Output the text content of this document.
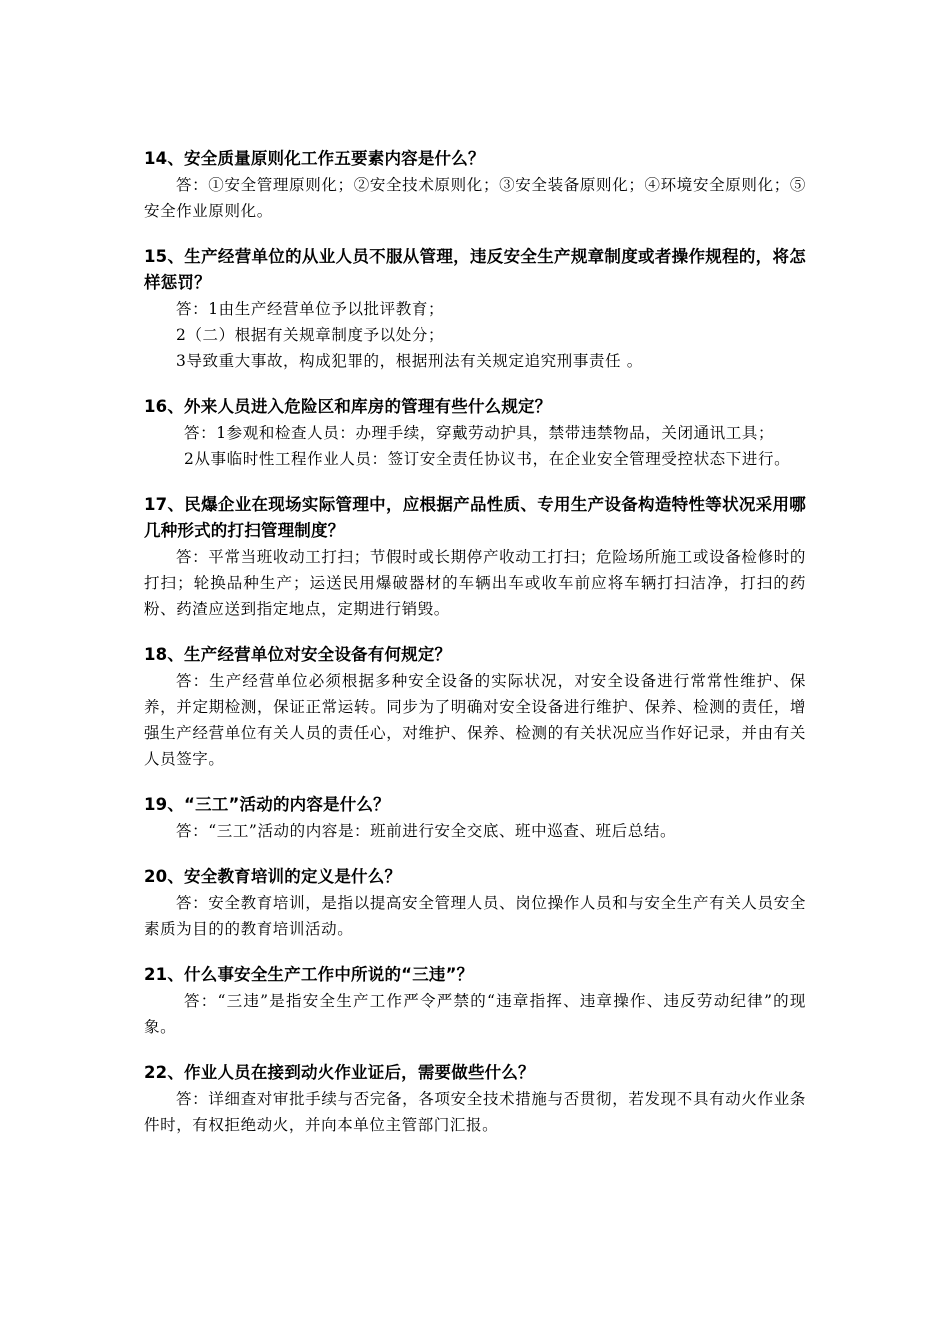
14、安全质量原则化工作五要素内容是什么？
答：①安全管理原则化；②安全技术原则化；③安全装备原则化；④环境安全原则化；⑤安全作业原则化。
15、生产经营单位的从业人员不服从管理，违反安全生产规章制度或者操作规程的，将怎样惩罚？
答：1由生产经营单位予以批评教育；
2（二）根据有关规章制度予以处分；
3导致重大事故，构成犯罪的，根据刑法有关规定追究刑事责任 。
16、外来人员进入危险区和库房的管理有些什么规定？
答：1参观和检查人员：办理手续，穿戴劳动护具，禁带违禁物品，关闭通讯工具；
2从事临时性工程作业人员：签订安全责任协议书，在企业安全管理受控状态下进行。
17、民爆企业在现场实际管理中，应根据产品性质、专用生产设备构造特性等状况采用哪几种形式的打扫管理制度？
答：平常当班收动工打扫；节假时或长期停产收动工打扫；危险场所施工或设备检修时的打扫；轮换品种生产；运送民用爆破器材的车辆出车或收车前应将车辆打扫洁净，打扫的药粉、药渣应送到指定地点，定期进行销毁。
18、生产经营单位对安全设备有何规定？
答：生产经营单位必须根据多种安全设备的实际状况，对安全设备进行常常性维护、保养，并定期检测，保证正常运转。同步为了明确对安全设备进行维护、保养、检测的责任，增强生产经营单位有关人员的责任心，对维护、保养、检测的有关状况应当作好记录，并由有关人员签字。
19、“三工”活动的内容是什么？
答：“三工”活动的内容是：班前进行安全交底、班中巡查、班后总结。
20、安全教育培训的定义是什么？
答：安全教育培训，是指以提高安全管理人员、岗位操作人员和与安全生产有关人员安全素质为目的的教育培训活动。
21、什么事安全生产工作中所说的“三违”？
答：“三违”是指安全生产工作严令严禁的“违章指挥、违章操作、违反劳动纪律”的现象。
22、作业人员在接到动火作业证后，需要做些什么？
答：详细查对审批手续与否完备，各项安全技术措施与否贯彻，若发现不具有动火作业条件时，有权拒绝动火，并向本单位主管部门汇报。
